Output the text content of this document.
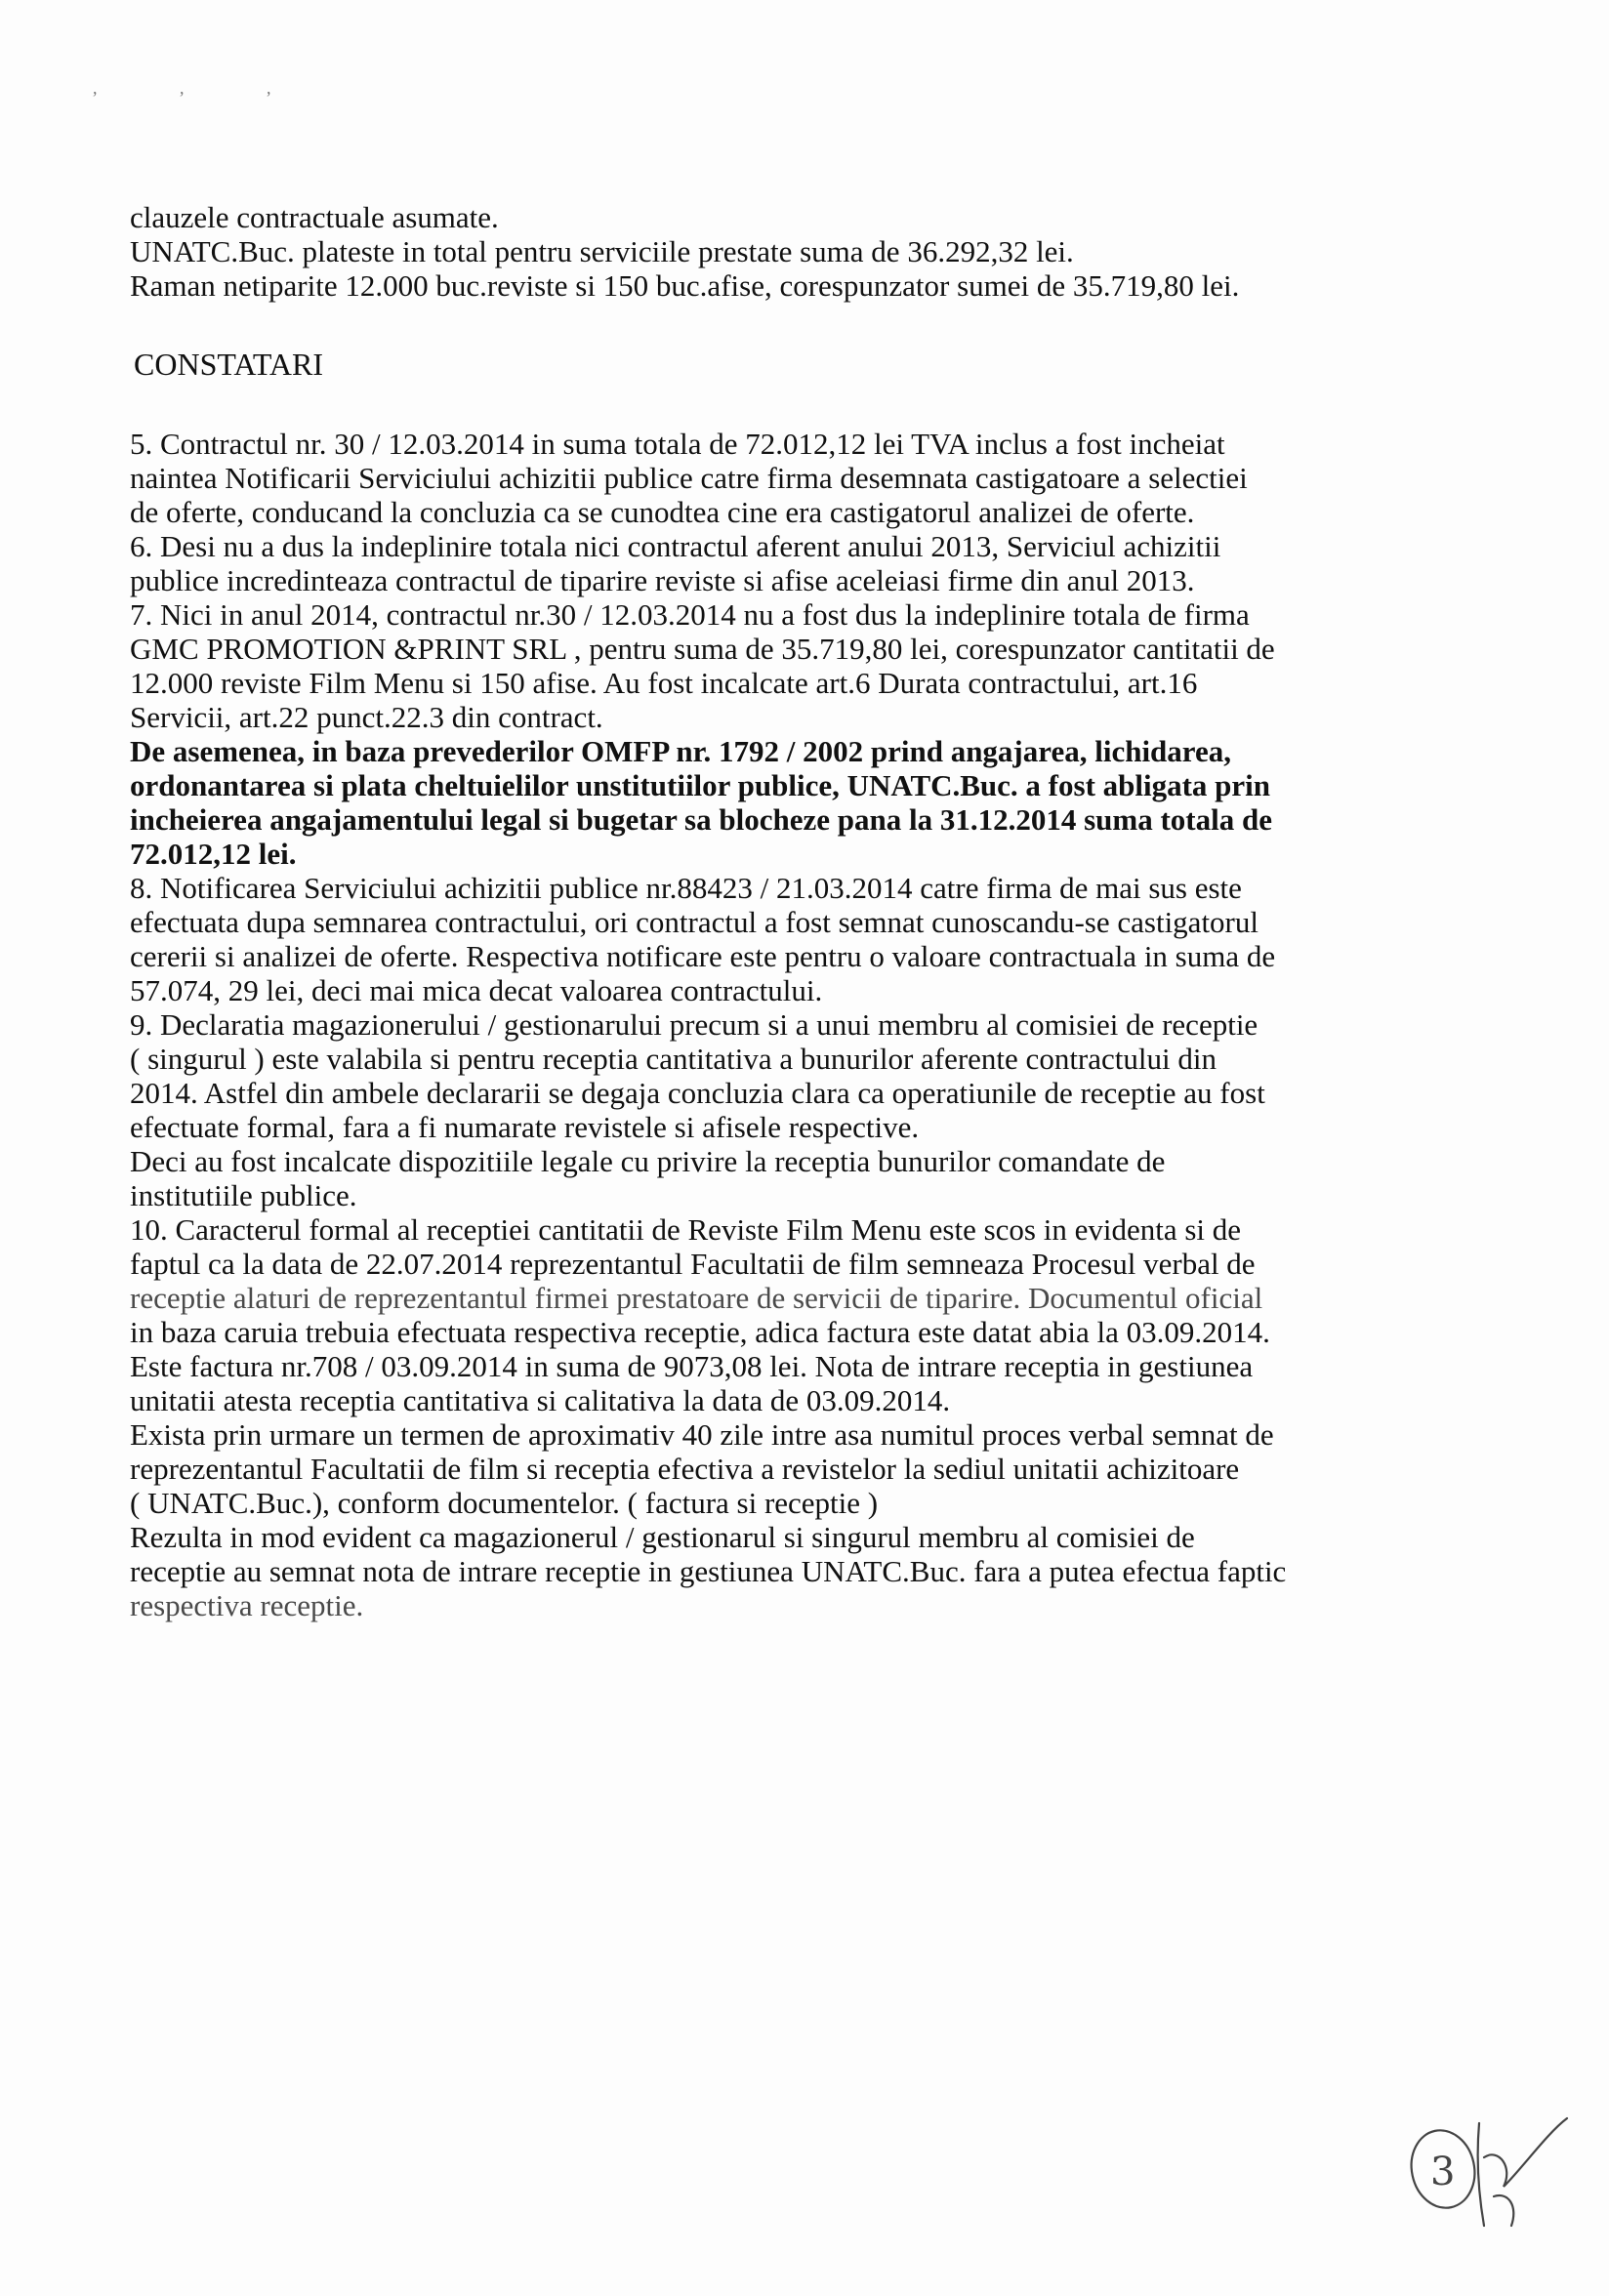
, , ,

clauzele contractuale asumate.
UNATC.Buc. plateste in total pentru serviciile prestate suma de 36.292,32 lei.
Raman netiparite 12.000 buc.reviste si 150 buc.afise, corespunzator sumei de 35.719,80 lei.

CONSTATARI

5. Contractul nr. 30 / 12.03.2014 in suma totala de 72.012,12 lei TVA inclus a fost incheiat
naintea Notificarii Serviciului achizitii publice catre firma desemnata castigatoare a selectiei
de oferte, conducand la concluzia ca se cunodtea cine era castigatorul analizei de oferte.

6. Desi nu a dus la indeplinire totala nici contractul aferent anului 2013, Serviciul achizitii
publice incredinteaza contractul de tiparire reviste si afise aceleiasi firme din anul 2013.

7. Nici in anul 2014, contractul nr.30 / 12.03.2014 nu a fost dus la indeplinire totala de firma
GMC PROMOTION &PRINT SRL , pentru suma de 35.719,80 lei, corespunzator cantitatii de
12.000 reviste Film Menu si 150 afise. Au fost incalcate art.6 Durata contractului, art.16
Servicii, art.22 punct.22.3 din contract.

De asemenea, in baza prevederilor OMFP nr. 1792 / 2002 prind angajarea, lichidarea,
ordonantarea si plata cheltuielilor unstitutiilor publice, UNATC.Buc. a fost abligata prin
incheierea angajamentului legal si bugetar sa blocheze pana la 31.12.2014 suma totala de
72.012,12 lei.

8. Notificarea Serviciului achizitii publice nr.88423 / 21.03.2014 catre firma de mai sus este
efectuata dupa semnarea contractului, ori contractul a fost semnat cunoscandu-se castigatorul
cererii si analizei de oferte. Respectiva notificare este pentru o valoare contractuala in suma de
57.074, 29 lei, deci mai mica decat valoarea contractului.

9. Declaratia magazionerului / gestionarului precum si a unui membru al comisiei de receptie
( singurul ) este valabila si pentru receptia cantitativa a bunurilor aferente contractului din
2014. Astfel din ambele declararii se degaja concluzia clara ca operatiunile de receptie au fost
efectuate formal, fara a fi numarate revistele si afisele respective.
Deci au fost incalcate dispozitiile legale cu privire la receptia bunurilor comandate de
institutiile publice.

10. Caracterul formal al receptiei cantitatii de Reviste Film Menu este scos in evidenta si de
faptul ca la data de 22.07.2014 reprezentantul Facultatii de film semneaza Procesul verbal de
receptie alaturi de reprezentantul firmei prestatoare de servicii de tiparire. Documentul oficial
in baza caruia trebuia efectuata respectiva receptie, adica factura este datat abia la 03.09.2014.
Este factura nr.708 / 03.09.2014 in suma de 9073,08 lei. Nota de intrare receptia in gestiunea
unitatii atesta receptia cantitativa si calitativa la data de 03.09.2014.
Exista prin urmare un termen de aproximativ 40 zile intre asa numitul proces verbal semnat de
reprezentantul Facultatii de film si receptia efectiva a revistelor la sediul unitatii achizitoare
( UNATC.Buc.), conform documentelor. ( factura si receptie )
Rezulta in mod evident ca magazionerul / gestionarul si singurul membru al comisiei de
receptie au semnat nota de intrare receptie in gestiunea UNATC.Buc. fara a putea efectua faptic
respectiva receptie.

3
